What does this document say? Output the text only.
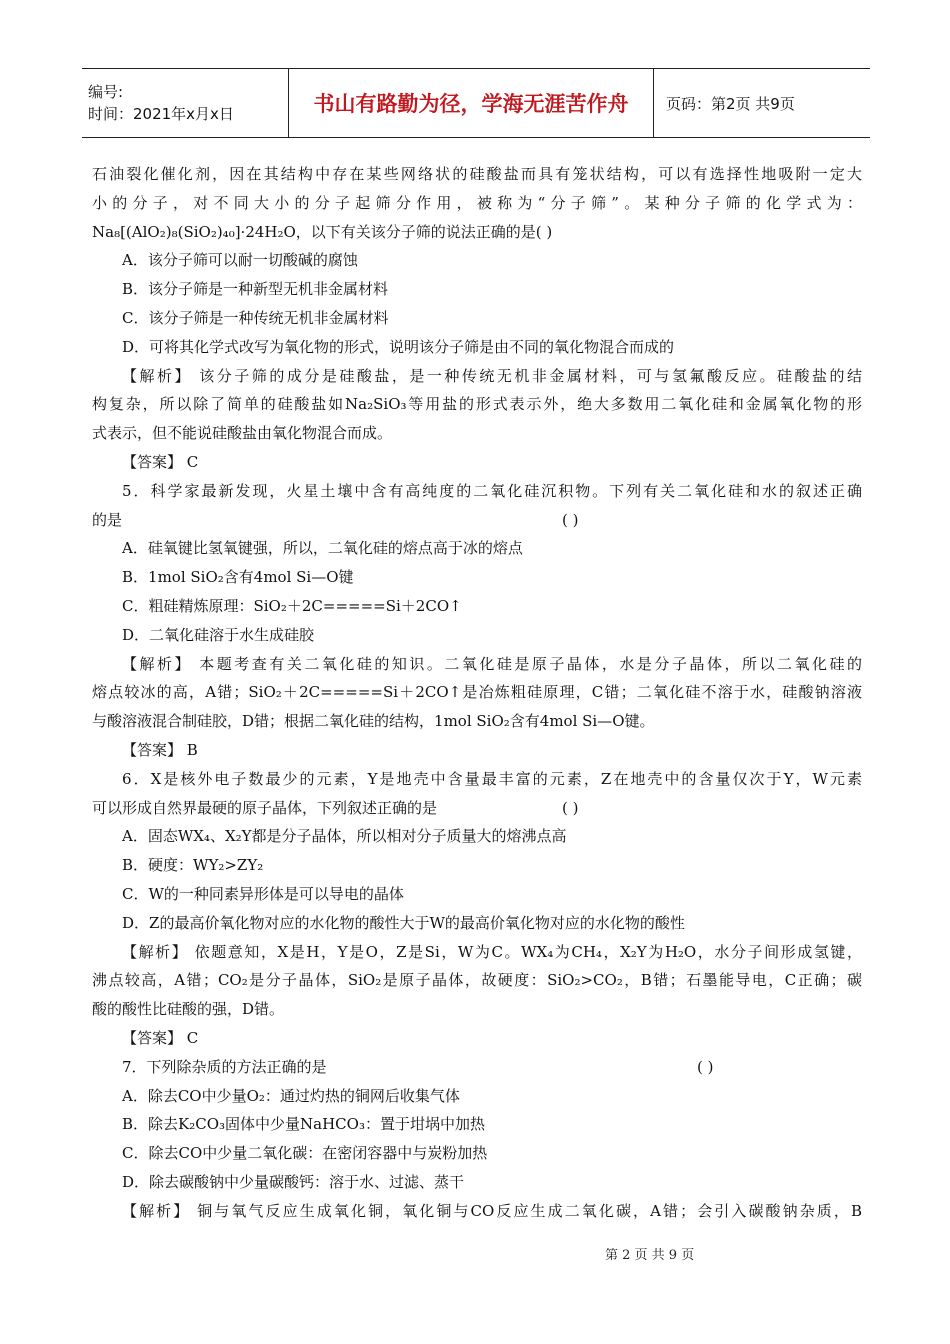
编号:
时间：2021年x月x日	书山有路勤为径，学海无涯苦作舟	页码：第2页 共9页
石油裂化催化剂，因在其结构中存在某些网络状的硅酸盐而具有笼状结构，可以有选择性地吸附一定大
小的分子，对不同大小的分子起筛分作用，被称为“分子筛”。某种分子筛的化学式为：
Na₈[(AlO₂)₈(SiO₂)₄₀]·24H₂O，以下有关该分子筛的说法正确的是( )
A．该分子筛可以耐一切酸碱的腐蚀
B．该分子筛是一种新型无机非金属材料
C．该分子筛是一种传统无机非金属材料
D．可将其化学式改写为氧化物的形式，说明该分子筛是由不同的氧化物混合而成的
【解析】 该分子筛的成分是硅酸盐，是一种传统无机非金属材料，可与氢氟酸反应。硅酸盐的结
构复杂，所以除了简单的硅酸盐如Na₂SiO₃等用盐的形式表示外，绝大多数用二氧化硅和金属氧化物的形
式表示，但不能说硅酸盐由氧化物混合而成。
【答案】 C
5．科学家最新发现，火星土壤中含有高纯度的二氧化硅沉积物。下列有关二氧化硅和水的叙述正确
的是	( )
A．硅氧键比氢氧键强，所以，二氧化硅的熔点高于冰的熔点
B．1mol SiO₂含有4mol Si—O键
C．粗硅精炼原理：SiO₂＋2C=====Si＋2CO↑
D．二氧化硅溶于水生成硅胶
【解析】 本题考查有关二氧化硅的知识。二氧化硅是原子晶体，水是分子晶体，所以二氧化硅的
熔点较冰的高，A错；SiO₂＋2C=====Si＋2CO↑是冶炼粗硅原理，C错；二氧化硅不溶于水，硅酸钠溶液
与酸溶液混合制硅胶，D错；根据二氧化硅的结构，1mol SiO₂含有4mol Si—O键。
【答案】 B
6．X是核外电子数最少的元素，Y是地壳中含量最丰富的元素，Z在地壳中的含量仅次于Y，W元素
可以形成自然界最硬的原子晶体，下列叙述正确的是	( )
A．固态WX₄、X₂Y都是分子晶体，所以相对分子质量大的熔沸点高
B．硬度：WY₂>ZY₂
C．W的一种同素异形体是可以导电的晶体
D．Z的最高价氧化物对应的水化物的酸性大于W的最高价氧化物对应的水化物的酸性
【解析】 依题意知，X是H，Y是O，Z是Si，W为C。WX₄为CH₄，X₂Y为H₂O，水分子间形成氢键，
沸点较高，A错；CO₂是分子晶体，SiO₂是原子晶体，故硬度：SiO₂>CO₂，B错；石墨能导电，C正确；碳
酸的酸性比硅酸的强，D错。
【答案】 C
7．下列除杂质的方法正确的是	( )
A．除去CO中少量O₂：通过灼热的铜网后收集气体
B．除去K₂CO₃固体中少量NaHCO₃：置于坩埚中加热
C．除去CO中少量二氧化碳：在密闭容器中与炭粉加热
D．除去碳酸钠中少量碳酸钙：溶于水、过滤、蒸干
【解析】 铜与氧气反应生成氧化铜，氧化铜与CO反应生成二氧化碳，A错；会引入碳酸钠杂质，B
第 2 页 共 9 页
